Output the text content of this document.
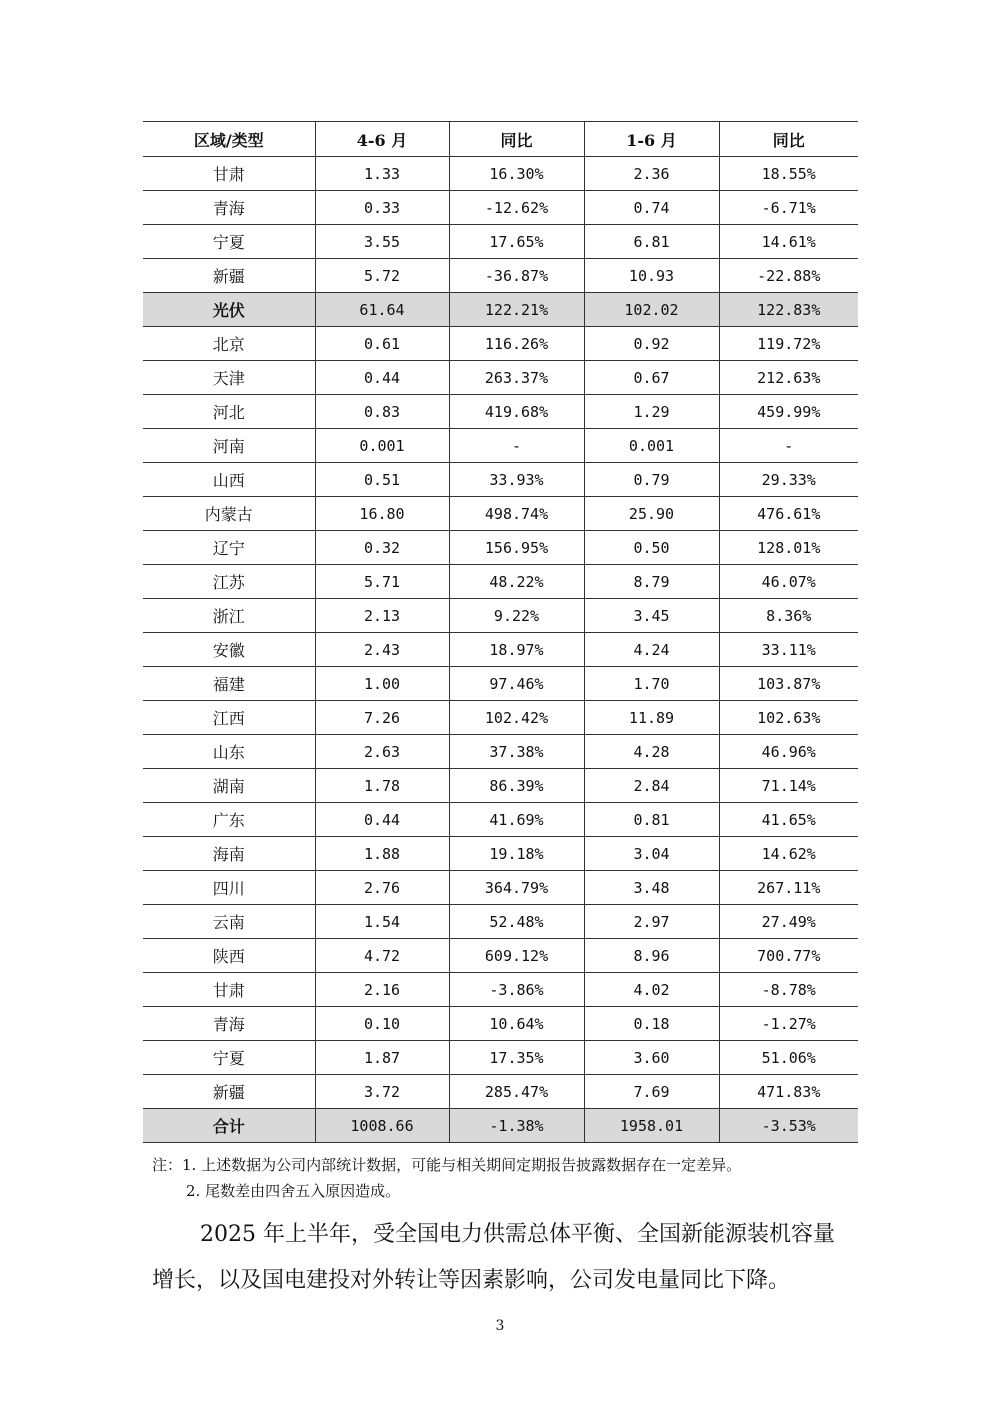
区域/类型	4-6 月	同比	1-6 月	同比
甘肃	1.33	16.30%	2.36	18.55%
青海	0.33	-12.62%	0.74	-6.71%
宁夏	3.55	17.65%	6.81	14.61%
新疆	5.72	-36.87%	10.93	-22.88%
光伏	61.64	122.21%	102.02	122.83%
北京	0.61	116.26%	0.92	119.72%
天津	0.44	263.37%	0.67	212.63%
河北	0.83	419.68%	1.29	459.99%
河南	0.001	-	0.001	-
山西	0.51	33.93%	0.79	29.33%
内蒙古	16.80	498.74%	25.90	476.61%
辽宁	0.32	156.95%	0.50	128.01%
江苏	5.71	48.22%	8.79	46.07%
浙江	2.13	9.22%	3.45	8.36%
安徽	2.43	18.97%	4.24	33.11%
福建	1.00	97.46%	1.70	103.87%
江西	7.26	102.42%	11.89	102.63%
山东	2.63	37.38%	4.28	46.96%
湖南	1.78	86.39%	2.84	71.14%
广东	0.44	41.69%	0.81	41.65%
海南	1.88	19.18%	3.04	14.62%
四川	2.76	364.79%	3.48	267.11%
云南	1.54	52.48%	2.97	27.49%
陕西	4.72	609.12%	8.96	700.77%
甘肃	2.16	-3.86%	4.02	-8.78%
青海	0.10	10.64%	0.18	-1.27%
宁夏	1.87	17.35%	3.60	51.06%
新疆	3.72	285.47%	7.69	471.83%
合计	1008.66	-1.38%	1958.01	-3.53%
注：1. 上述数据为公司内部统计数据，可能与相关期间定期报告披露数据存在一定差异。
2. 尾数差由四舍五入原因造成。
2025 年上半年，受全国电力供需总体平衡、全国新能源装机容量增长，以及国电建投对外转让等因素影响，公司发电量同比下降。
3
